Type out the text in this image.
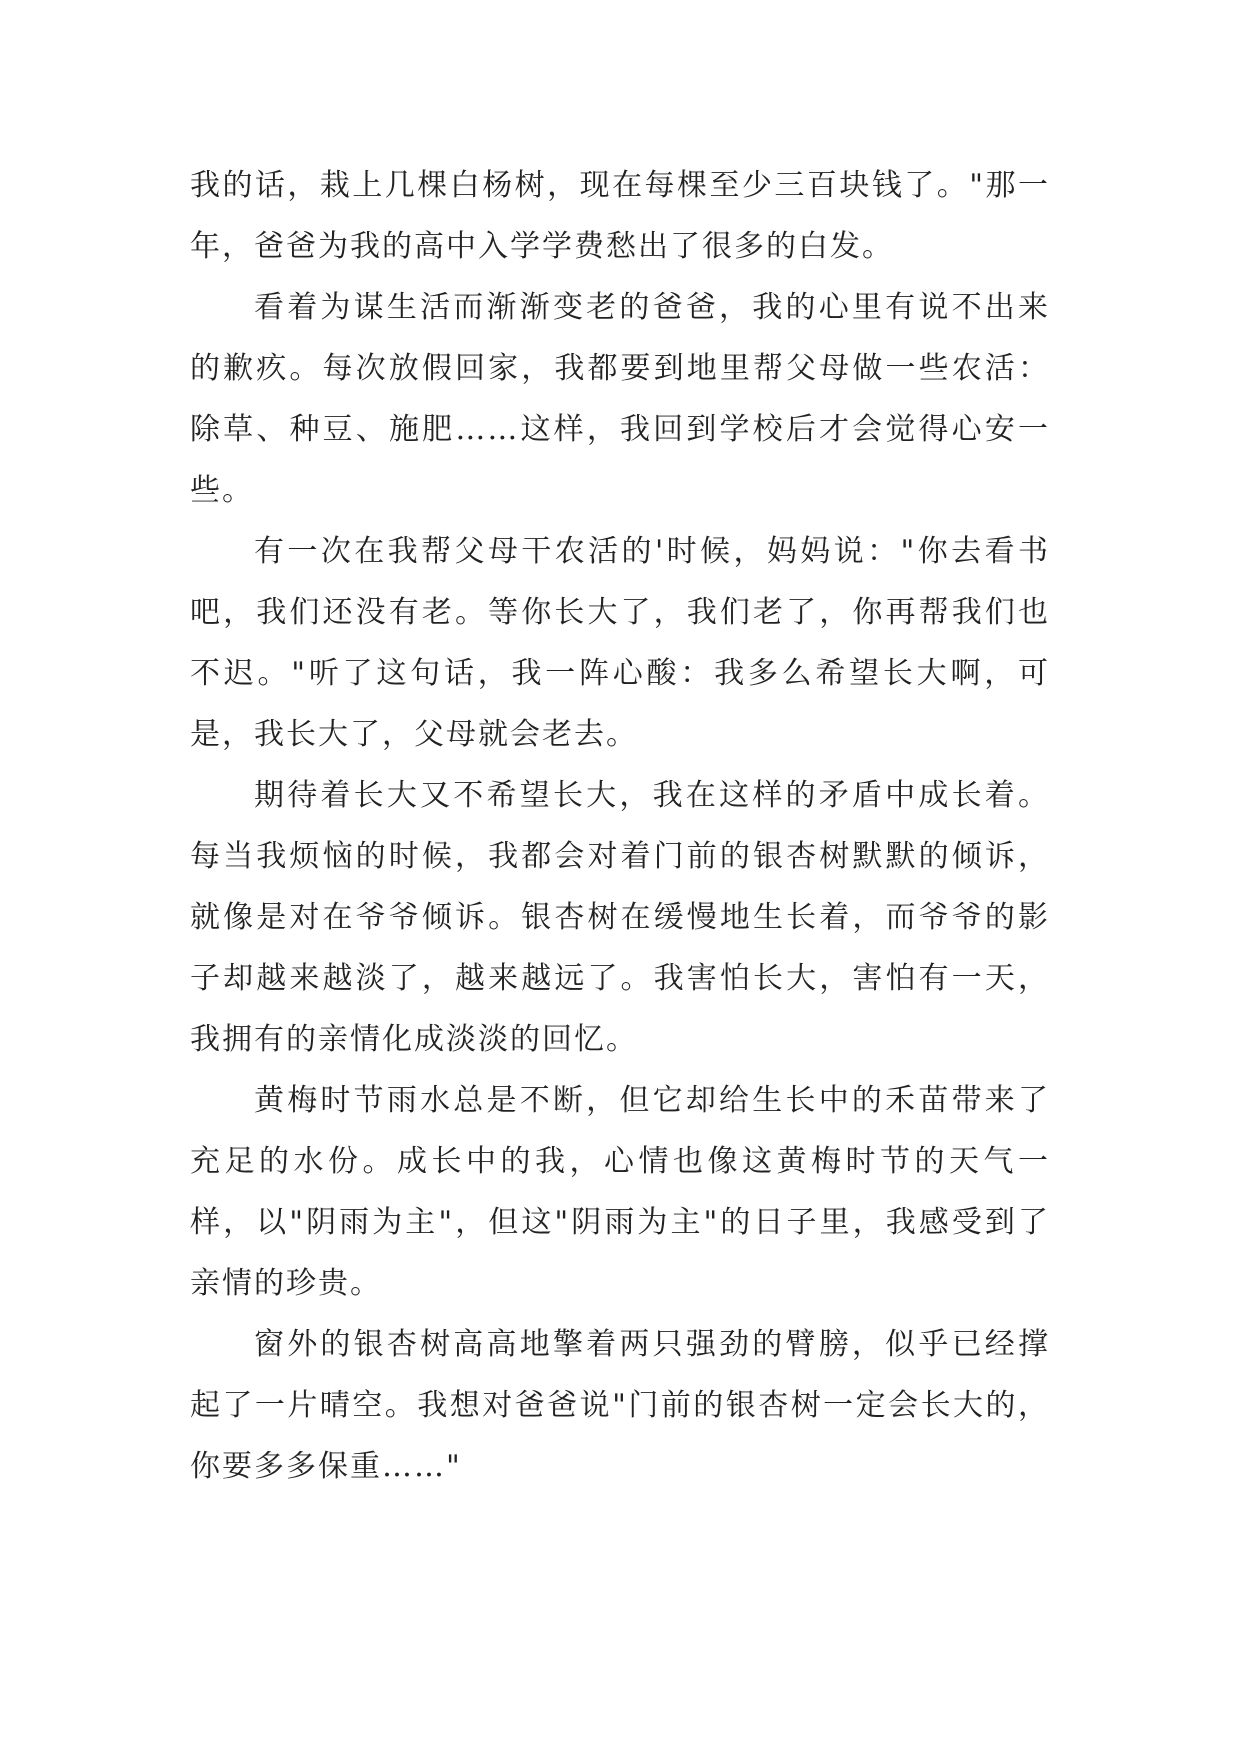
我的话，栽上几棵白杨树，现在每棵至少三百块钱了。"那一年，爸爸为我的高中入学学费愁出了很多的白发。

看着为谋生活而渐渐变老的爸爸，我的心里有说不出来的歉疚。每次放假回家，我都要到地里帮父母做一些农活：除草、种豆、施肥……这样，我回到学校后才会觉得心安一些。

有一次在我帮父母干农活的'时候，妈妈说："你去看书吧，我们还没有老。等你长大了，我们老了，你再帮我们也不迟。"听了这句话，我一阵心酸：我多么希望长大啊，可是，我长大了，父母就会老去。

期待着长大又不希望长大，我在这样的矛盾中成长着。每当我烦恼的时候，我都会对着门前的银杏树默默的倾诉，就像是对在爷爷倾诉。银杏树在缓慢地生长着，而爷爷的影子却越来越淡了，越来越远了。我害怕长大，害怕有一天，我拥有的亲情化成淡淡的回忆。

黄梅时节雨水总是不断，但它却给生长中的禾苗带来了充足的水份。成长中的我，心情也像这黄梅时节的天气一样，以"阴雨为主"，但这"阴雨为主"的日子里，我感受到了亲情的珍贵。

窗外的银杏树高高地擎着两只强劲的臂膀，似乎已经撑起了一片晴空。我想对爸爸说"门前的银杏树一定会长大的，你要多多保重……"
